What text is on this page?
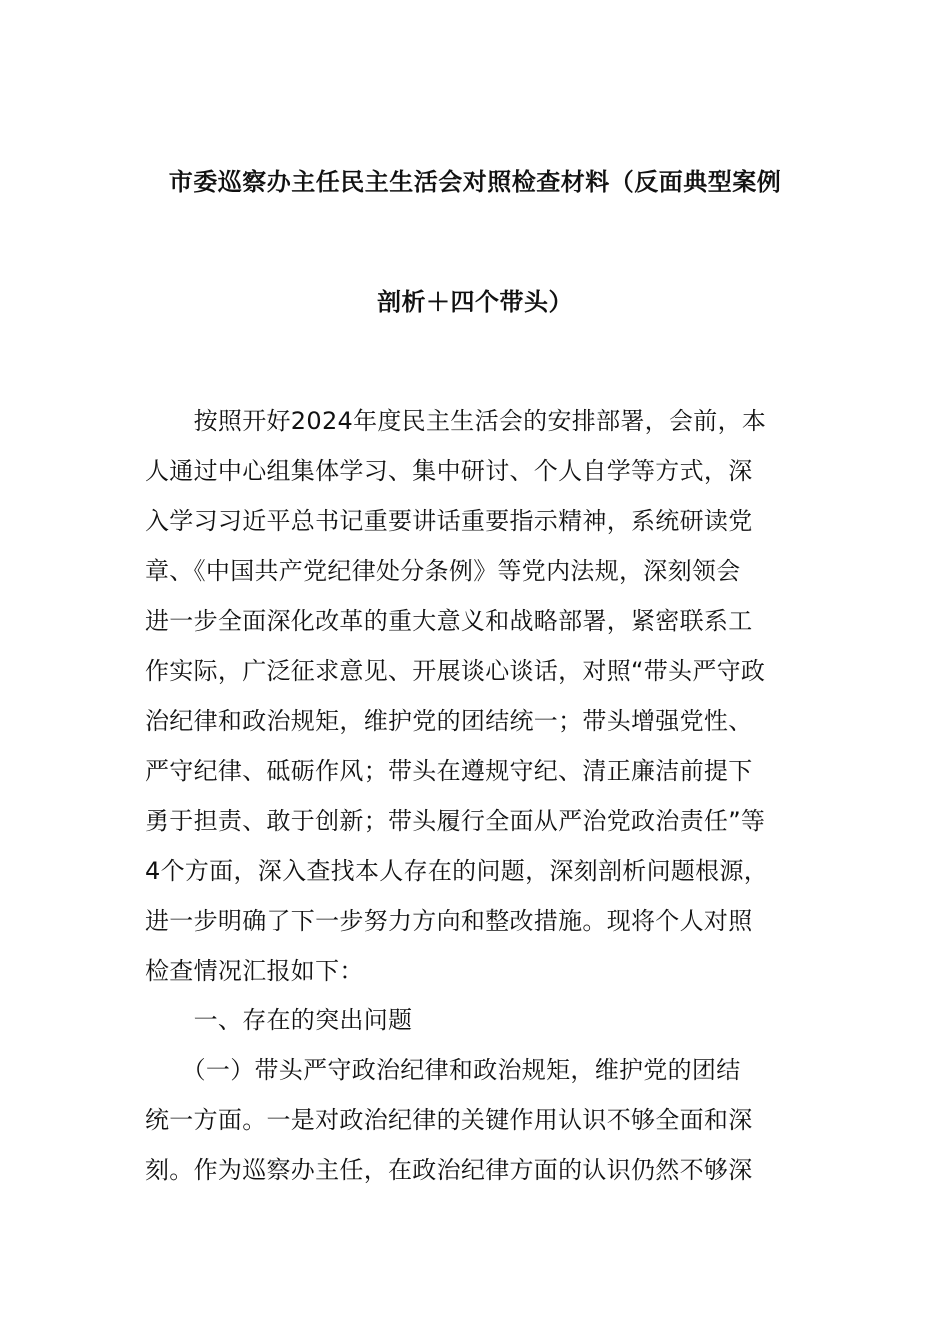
市委巡察办主任民主生活会对照检查材料（反面典型案例
剖析＋四个带头）
　　按照开好2024年度民主生活会的安排部署，会前，本
人通过中心组集体学习、集中研讨、个人自学等方式，深
入学习习近平总书记重要讲话重要指示精神，系统研读党
章、《中国共产党纪律处分条例》等党内法规，深刻领会
进一步全面深化改革的重大意义和战略部署，紧密联系工
作实际，广泛征求意见、开展谈心谈话，对照“带头严守政
治纪律和政治规矩，维护党的团结统一；带头增强党性、
严守纪律、砥砺作风；带头在遵规守纪、清正廉洁前提下
勇于担责、敢于创新；带头履行全面从严治党政治责任”等
4个方面，深入查找本人存在的问题，深刻剖析问题根源，
进一步明确了下一步努力方向和整改措施。现将个人对照
检查情况汇报如下：
　　一、存在的突出问题
　　（一）带头严守政治纪律和政治规矩，维护党的团结
统一方面。一是对政治纪律的关键作用认识不够全面和深
刻。作为巡察办主任，在政治纪律方面的认识仍然不够深
